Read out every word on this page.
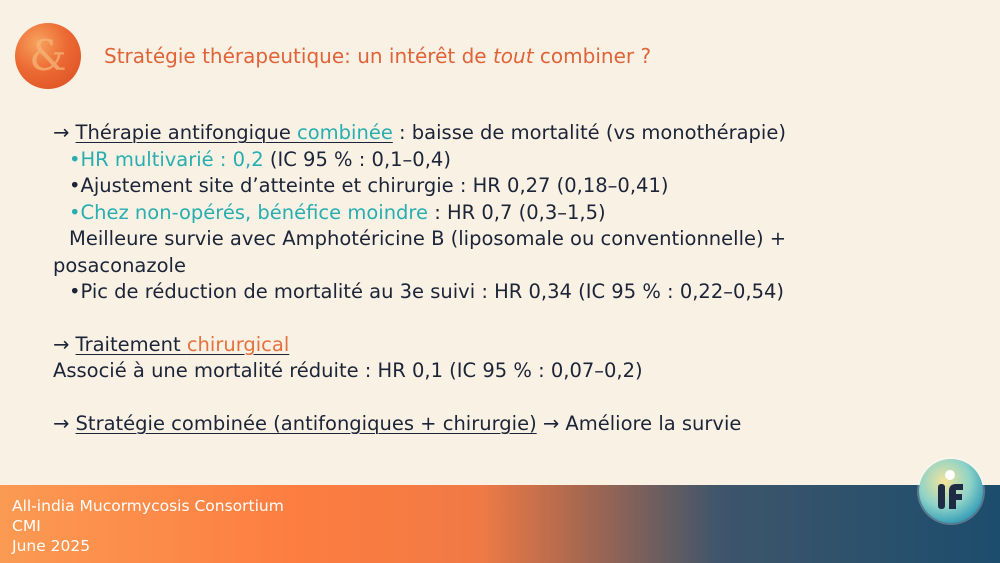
& Stratégie thérapeutique: un intérêt de tout combiner ?
→ Thérapie antifongique combinée : baisse de mortalité (vs monothérapie)
•HR multivarié : 0,2 (IC 95 % : 0,1–0,4)
•Ajustement site d’atteinte et chirurgie : HR 0,27 (0,18–0,41)
•Chez non-opérés, bénéfice moindre : HR 0,7 (0,3–1,5)
Meilleure survie avec Amphotéricine B (liposomale ou conventionnelle) +
posaconazole
•Pic de réduction de mortalité au 3e suivi : HR 0,34 (IC 95 % : 0,22–0,54)
→ Traitement chirurgical
Associé à une mortalité réduite : HR 0,1 (IC 95 % : 0,07–0,2)
→ Stratégie combinée (antifongiques + chirurgie) → Améliore la survie
All-india Mucormycosis Consortium
CMI
June 2025
